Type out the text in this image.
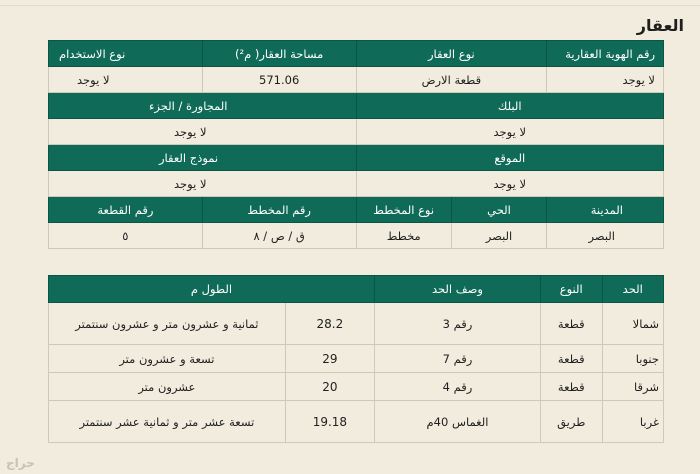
العقار
رقم الهوية العقارية	نوع العقار		مساحة العقار( م²)	نوع الاستخدام
لا يوجد	قطعة الارض		571.06	لا يوجد
البلك			المجاورة / الجزء	
لا يوجد			لا يوجد	
الموقع			نموذج العقار	
لا يوجد			لا يوجد	
المدينة	الحي	نوع المخطط	رقم المخطط	رقم القطعة
البصر	البصر	مخطط	ق / ص / ٨	٥
الحد	النوع	وصف الحد	الطول م	
شمالا	قطعة	رقم 3	28.2	ثمانية و عشرون متر و عشرون سنتمتر
جنوبا	قطعة	رقم 7	29	تسعة و عشرون متر
شرقا	قطعة	رقم 4	20	عشرون متر
غربا	طريق	الغماس 40م	19.18	تسعة عشر متر و ثمانية عشر سنتمتر
حراج
